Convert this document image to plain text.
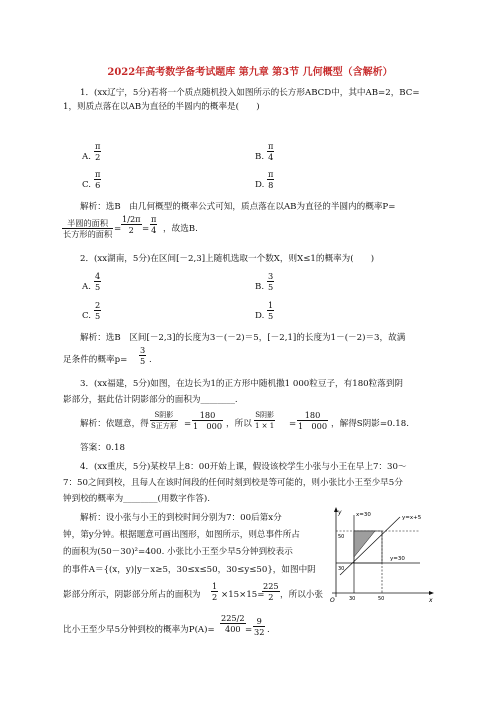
2022年高考数学备考试题库 第九章 第3节 几何概型（含解析）
1．(xx辽宁，5分)若将一个质点随机投入如图所示的长方形ABCD中，其中AB=2，BC=
1，则质点落在以AB为直径的半圆内的概率是(　　)
A. $\frac{\pi}{2}$	B. $\frac{\pi}{4}$
C. $\frac{\pi}{6}$	D. $\frac{\pi}{8}$
解析：选B　由几何概型的概率公式可知，质点落在以AB为直径的半圆内的概率P=
半圆的面积
长方形的面积 = $\frac{1/2\pi}{2} = \frac{\pi}{4}$ ，故选B.
2．(xx湖南，5分)在区间[－2,3]上随机选取一个数X，则X≤1的概率为(　　)
A. $\frac{4}{5}$	B. $\frac{3}{5}$
C. $\frac{2}{5}$	D. $\frac{1}{5}$
解析：选B　区间[－2,3]的长度为3－(－2)＝5，[－2,1]的长度为1－(－2)＝3，故满
足条件的概率$p= \frac{3}{5}$ .
3．(xx福建，5分)如图，在边长为1的正方形中随机撒1 000粒豆子，有180粒落到阴
影部分，据此估计阴影部分的面积为________.
解析：依题意，得
S阴影
S正方形 = $\frac{180}{1 000}$ ，所以
S阴影
$1 \times 1 = \frac{180}{1 000}$ ，解得S阴影=0.18.
答案：0.18
4．(xx重庆，5分)某校早上8：00开始上课，假设该校学生小张与小王在早上7：30～
7：50之间到校，且每人在该时间段的任何时刻到校是等可能的，则小张比小王至少早5分
钟到校的概率为________(用数字作答).
解析：设小张与小王的到校时间分别为7：00后第x分
钟，第y分钟。根据题意可画出图形，如图所示，则总事件所占
的面积为(50－30)²=400. 小张比小王至少早5分钟到校表示
的事件A＝{(x，y)|y－x≥5，30≤x≤50，30≤y≤50}，如图中阴
影部分所示，阴影部分所占的面积为 $\frac{1}{2} \times 15\times 15=$
$\frac{225}{2}$ ，所以小张
比小王至少早5分钟到校的概率为$P(A)= \frac{225/2}{400} = \frac{9}{32}$ .
y
x
O
x=30
y=30
y=x+5
50
30
30	50
